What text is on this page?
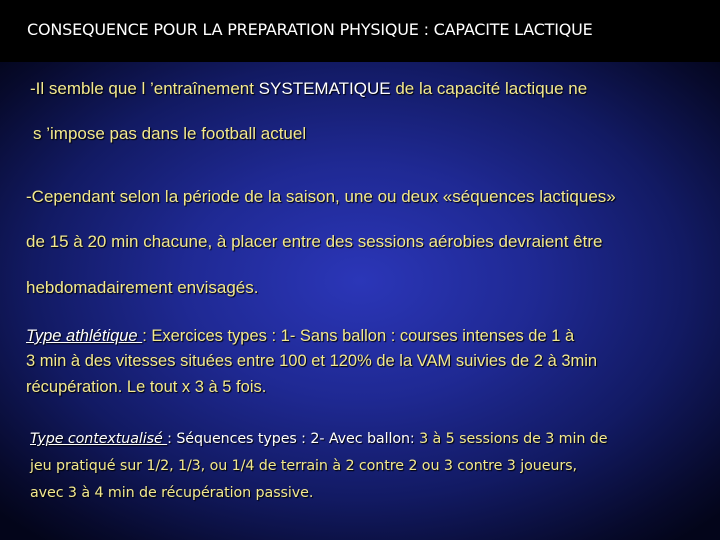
CONSEQUENCE POUR LA PREPARATION PHYSIQUE : CAPACITE LACTIQUE
-Il semble que l ’entraînement SYSTEMATIQUE de la capacité lactique ne
s ’impose pas dans le football actuel
-Cependant selon la période de la saison, une ou deux «séquences lactiques»
de 15 à 20 min chacune, à placer entre des sessions aérobies devraient être
hebdomadairement envisagés.
Type athlétique : Exercices types : 1- Sans ballon : courses intenses de 1 à
3 min à des vitesses situées entre 100 et 120% de la VAM suivies de 2 à 3min
récupération. Le tout x 3 à 5 fois.
Type contextualisé : Séquences types : 2- Avec ballon: 3 à 5 sessions de 3 min de
jeu pratiqué sur 1/2, 1/3, ou 1/4 de terrain à 2 contre 2 ou 3 contre 3 joueurs,
avec 3 à 4 min de récupération passive.
